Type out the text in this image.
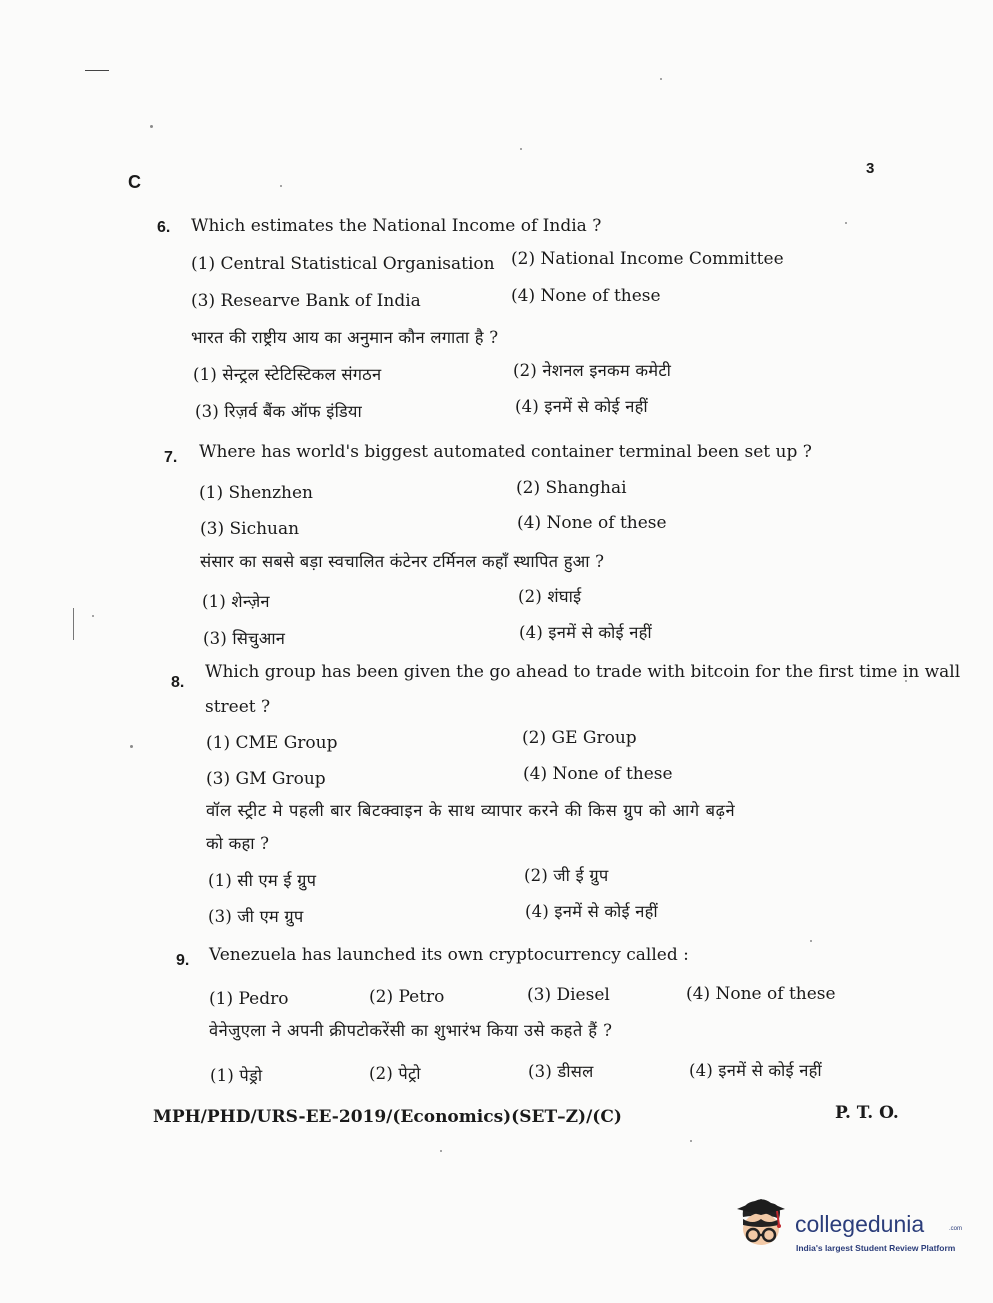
C
3
6. Which estimates the National Income of India ?
(1) Central Statistical Organisation (2) National Income Committee
(3) Researve Bank of India	(4) None of these
भारत की राष्ट्रीय आय का अनुमान कौन लगाता है ?
(1) सेन्ट्रल स्टेटिस्टिकल संगठन	(2) नेशनल इनकम कमेटी
(3) रिज़र्व बैंक ऑफ इंडिया	(4) इनमें से कोई नहीं
7. Where has world's biggest automated container terminal been set up ?
(1) Shenzhen	(2) Shanghai
(3) Sichuan	(4) None of these
संसार का सबसे बड़ा स्वचालित कंटेनर टर्मिनल कहाँ स्थापित हुआ ?
(1) शेन्ज़ेन	(2) शंघाई
(3) सिचुआन	(4) इनमें से कोई नहीं
8.
Which group has been given the go ahead to trade with bitcoin for the first time in wall
street ?
(1) CME Group	(2) GE Group
(3) GM Group	(4) None of these
वॉल स्ट्रीट मे पहली बार बिटक्वाइन के साथ व्यापार करने की किस ग्रुप को आगे बढ़ने
को कहा ?
(1) सी एम ई ग्रुप	(2) जी ई ग्रुप
(3) जी एम ग्रुप	(4) इनमें से कोई नहीं
9. Venezuela has launched its own cryptocurrency called :
(1) Pedro	(2) Petro	(3) Diesel	(4) None of these
वेनेजुएला ने अपनी क्रीपटोकरेंसी का शुभारंभ किया उसे कहते हैं ?
(1) पेड्रो	(2) पेट्रो	(3) डीसल	(4) इनमें से कोई नहीं
MPH/PHD/URS-EE-2019/(Economics)(SET–Z)/(C)	P. T. O.
collegedunia	.com
India's largest Student Review Platform
